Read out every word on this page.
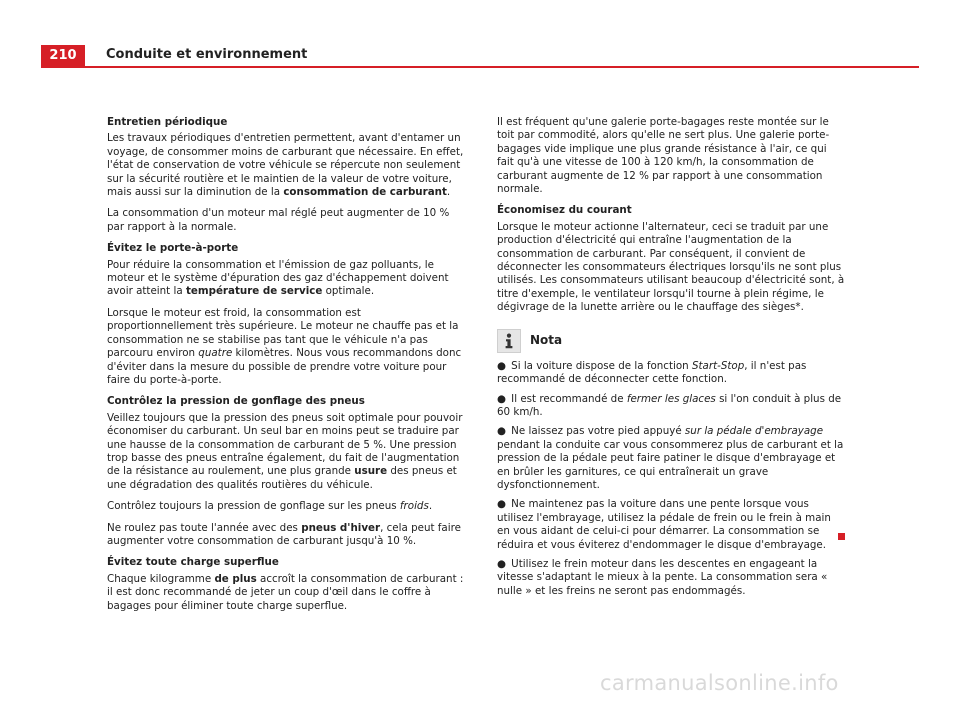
210	Conduite et environnement
Entretien périodique

Les travaux périodiques d'entretien permettent, avant d'entamer un voyage, de consommer moins de carburant que nécessaire. En effet, l'état de conservation de votre véhicule se répercute non seulement sur la sécurité routière et le maintien de la valeur de votre voiture, mais aussi sur la diminution de la consommation de carburant.

La consommation d'un moteur mal réglé peut augmenter de 10 % par rapport à la normale.

Évitez le porte-à-porte

Pour réduire la consommation et l'émission de gaz polluants, le moteur et le système d'épuration des gaz d'échappement doivent avoir atteint la température de service optimale.

Lorsque le moteur est froid, la consommation est proportionnellement très supérieure. Le moteur ne chauffe pas et la consommation ne se stabilise pas tant que le véhicule n'a pas parcouru environ quatre kilomètres. Nous vous recommandons donc d'éviter dans la mesure du possible de prendre votre voiture pour faire du porte-à-porte.

Contrôlez la pression de gonflage des pneus

Veillez toujours que la pression des pneus soit optimale pour pouvoir économiser du carburant. Un seul bar en moins peut se traduire par une hausse de la consommation de carburant de 5 %. Une pression trop basse des pneus entraîne également, du fait de l'augmentation de la résistance au roulement, une plus grande usure des pneus et une dégradation des qualités routières du véhicule.

Contrôlez toujours la pression de gonflage sur les pneus froids.

Ne roulez pas toute l'année avec des pneus d'hiver, cela peut faire augmenter votre consommation de carburant jusqu'à 10 %.

Évitez toute charge superflue

Chaque kilogramme de plus accroît la consommation de carburant : il est donc recommandé de jeter un coup d'œil dans le coffre à bagages pour éliminer toute charge superflue.

Il est fréquent qu'une galerie porte-bagages reste montée sur le toit par commodité, alors qu'elle ne sert plus. Une galerie porte-bagages vide implique une plus grande résistance à l'air, ce qui fait qu'à une vitesse de 100 à 120 km/h, la consommation de carburant augmente de 12 % par rapport à une consommation normale.

Économisez du courant

Lorsque le moteur actionne l'alternateur, ceci se traduit par une production d'électricité qui entraîne l'augmentation de la consommation de carburant. Par conséquent, il convient de déconnecter les consommateurs électriques lorsqu'ils ne sont plus utilisés. Les consommateurs utilisant beaucoup d'électricité sont, à titre d'exemple, le ventilateur lorsqu'il tourne à plein régime, le dégivrage de la lunette arrière ou le chauffage des sièges*.

Nota

●  Si la voiture dispose de la fonction Start-Stop, il n'est pas recommandé de déconnecter cette fonction.

●  Il est recommandé de fermer les glaces si l'on conduit à plus de 60 km/h.

●  Ne laissez pas votre pied appuyé sur la pédale d'embrayage pendant la conduite car vous consommerez plus de carburant et la pression de la pédale peut faire patiner le disque d'embrayage et en brûler les garnitures, ce qui entraînerait un grave dysfonctionnement.

●  Ne maintenez pas la voiture dans une pente lorsque vous utilisez l'embrayage, utilisez la pédale de frein ou le frein à main en vous aidant de celui-ci pour démarrer. La consommation se réduira et vous éviterez d'endommager le disque d'embrayage.

●  Utilisez le frein moteur dans les descentes en engageant la vitesse s'adaptant le mieux à la pente. La consommation sera « nulle » et les freins ne seront pas endommagés.

carmanualsonline.info
